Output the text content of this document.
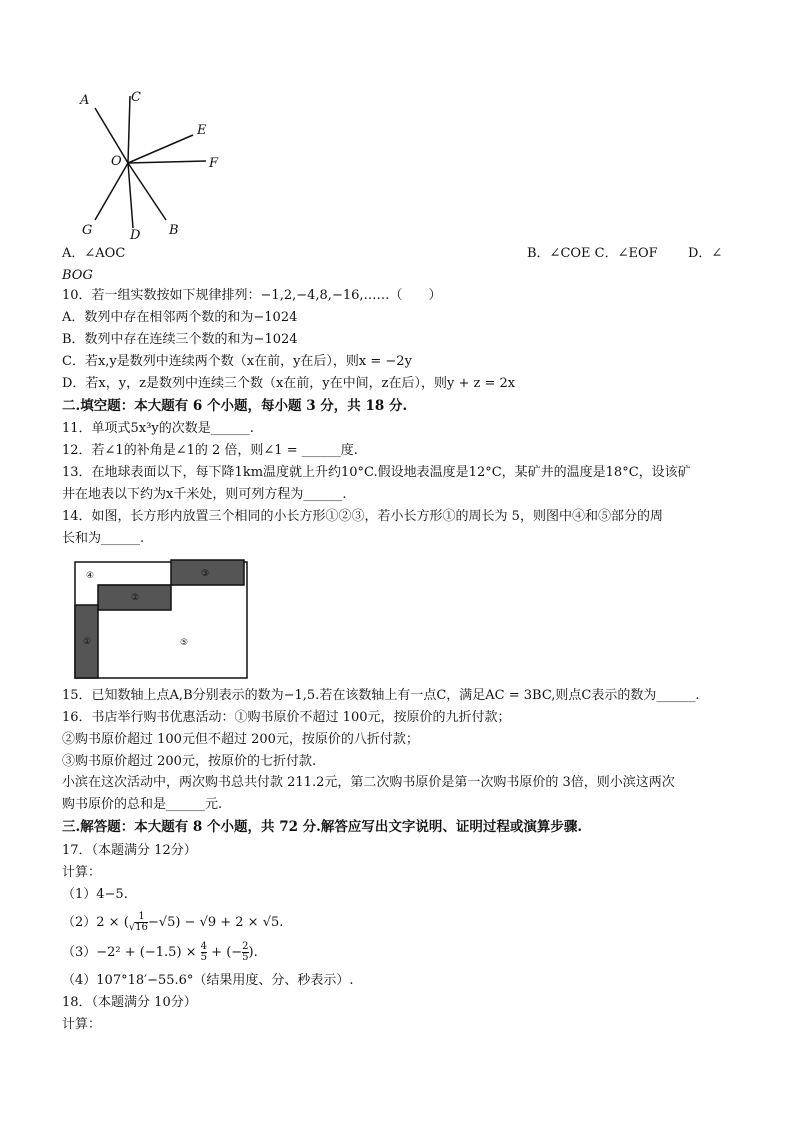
A	C
E
F
O
G	D B
A．∠AOC	B．∠COE C．∠EOF D．∠
BOG
10．若一组实数按如下规律排列：−1,2,−4,8,−16,……（　　）
A．数列中存在相邻两个数的和为−1024
B．数列中存在连续三个数的和为−1024
C．若x,y是数列中连续两个数（x在前，y在后），则x = −2y
D．若x，y，z是数列中连续三个数（x在前，y在中间，z在后），则y + z = 2x
二.填空题：本大题有 6 个小题，每小题 3 分，共 18 分.
11．单项式5x³y的次数是______.
12．若∠1的补角是∠1的 2 倍，则∠1 = ______度.
13．在地球表面以下，每下降1km温度就上升约10°C.假设地表温度是12°C，某矿井的温度是18°C，设该矿
井在地表以下约为x千米处，则可列方程为______.
14．如图，长方形内放置三个相同的小长方形①②③，若小长方形①的周长为 5，则图中④和⑤部分的周
长和为______.
④	③
②
①	⑤
15．已知数轴上点A,B分别表示的数为−1,5.若在该数轴上有一点C，满足AC = 3BC,则点C表示的数为______.
16．书店举行购书优惠活动：①购书原价不超过 100元，按原价的九折付款；
②购书原价超过 100元但不超过 200元，按原价的八折付款；
③购书原价超过 200元，按原价的七折付款.
小滨在这次活动中，两次购书总共付款 211.2元，第二次购书原价是第一次购书原价的 3倍，则小滨这两次
购书原价的总和是______元.
三.解答题：本大题有 8 个小题，共 72 分.解答应写出文字说明、证明过程或演算步骤.
17．（本题满分 12分）
计算：
（1）4−5.
（2）2 × (√ $\frac{1}{16} -√5) - √9 + 2 \times √5$.
$(3)-2^2 + (-1.5) \times \frac{4}{5}$ + (− $\frac{2}{5}$ ).
（4）107°18′−55.6°（结果用度、分、秒表示）.
18．（本题满分 10分）
计算：
